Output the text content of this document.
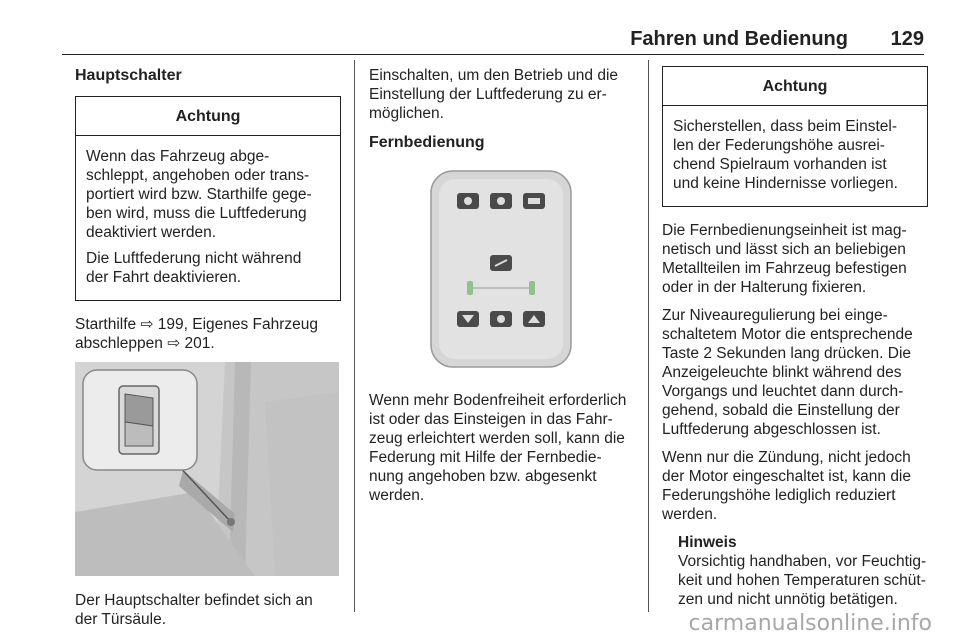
Fahren und Bedienung 129
Hauptschalter
Achtung

Wenn das Fahrzeug abge-
schleppt, angehoben oder trans-
portiert wird bzw. Starthilfe gege-
ben wird, muss die Luftfederung
deaktiviert werden.

Die Luftfederung nicht während
der Fahrt deaktivieren.

Starthilfe ⇨ 199, Eigenes Fahrzeug
abschleppen ⇨ 201.

Der Hauptschalter befindet sich an
der Türsäule.

Einschalten, um den Betrieb und die
Einstellung der Luftfederung zu er-
möglichen.

Fernbedienung

Wenn mehr Bodenfreiheit erforderlich
ist oder das Einsteigen in das Fahr-
zeug erleichtert werden soll, kann die
Federung mit Hilfe der Fernbedie-
nung angehoben bzw. abgesenkt
werden.

Achtung

Sicherstellen, dass beim Einstel-
len der Federungshöhe ausrei-
chend Spielraum vorhanden ist
und keine Hindernisse vorliegen.

Die Fernbedienungseinheit ist mag-
netisch und lässt sich an beliebigen
Metallteilen im Fahrzeug befestigen
oder in der Halterung fixieren.

Zur Niveauregulierung bei einge-
schaltetem Motor die entsprechende
Taste 2 Sekunden lang drücken. Die
Anzeigeleuchte blinkt während des
Vorgangs und leuchtet dann durch-
gehend, sobald die Einstellung der
Luftfederung abgeschlossen ist.

Wenn nur die Zündung, nicht jedoch
der Motor eingeschaltet ist, kann die
Federungshöhe lediglich reduziert
werden.

Hinweis
Vorsichtig handhaben, vor Feuchtig-
keit und hohen Temperaturen schüt-
zen und nicht unnötig betätigen.
carmanualsonline.info
